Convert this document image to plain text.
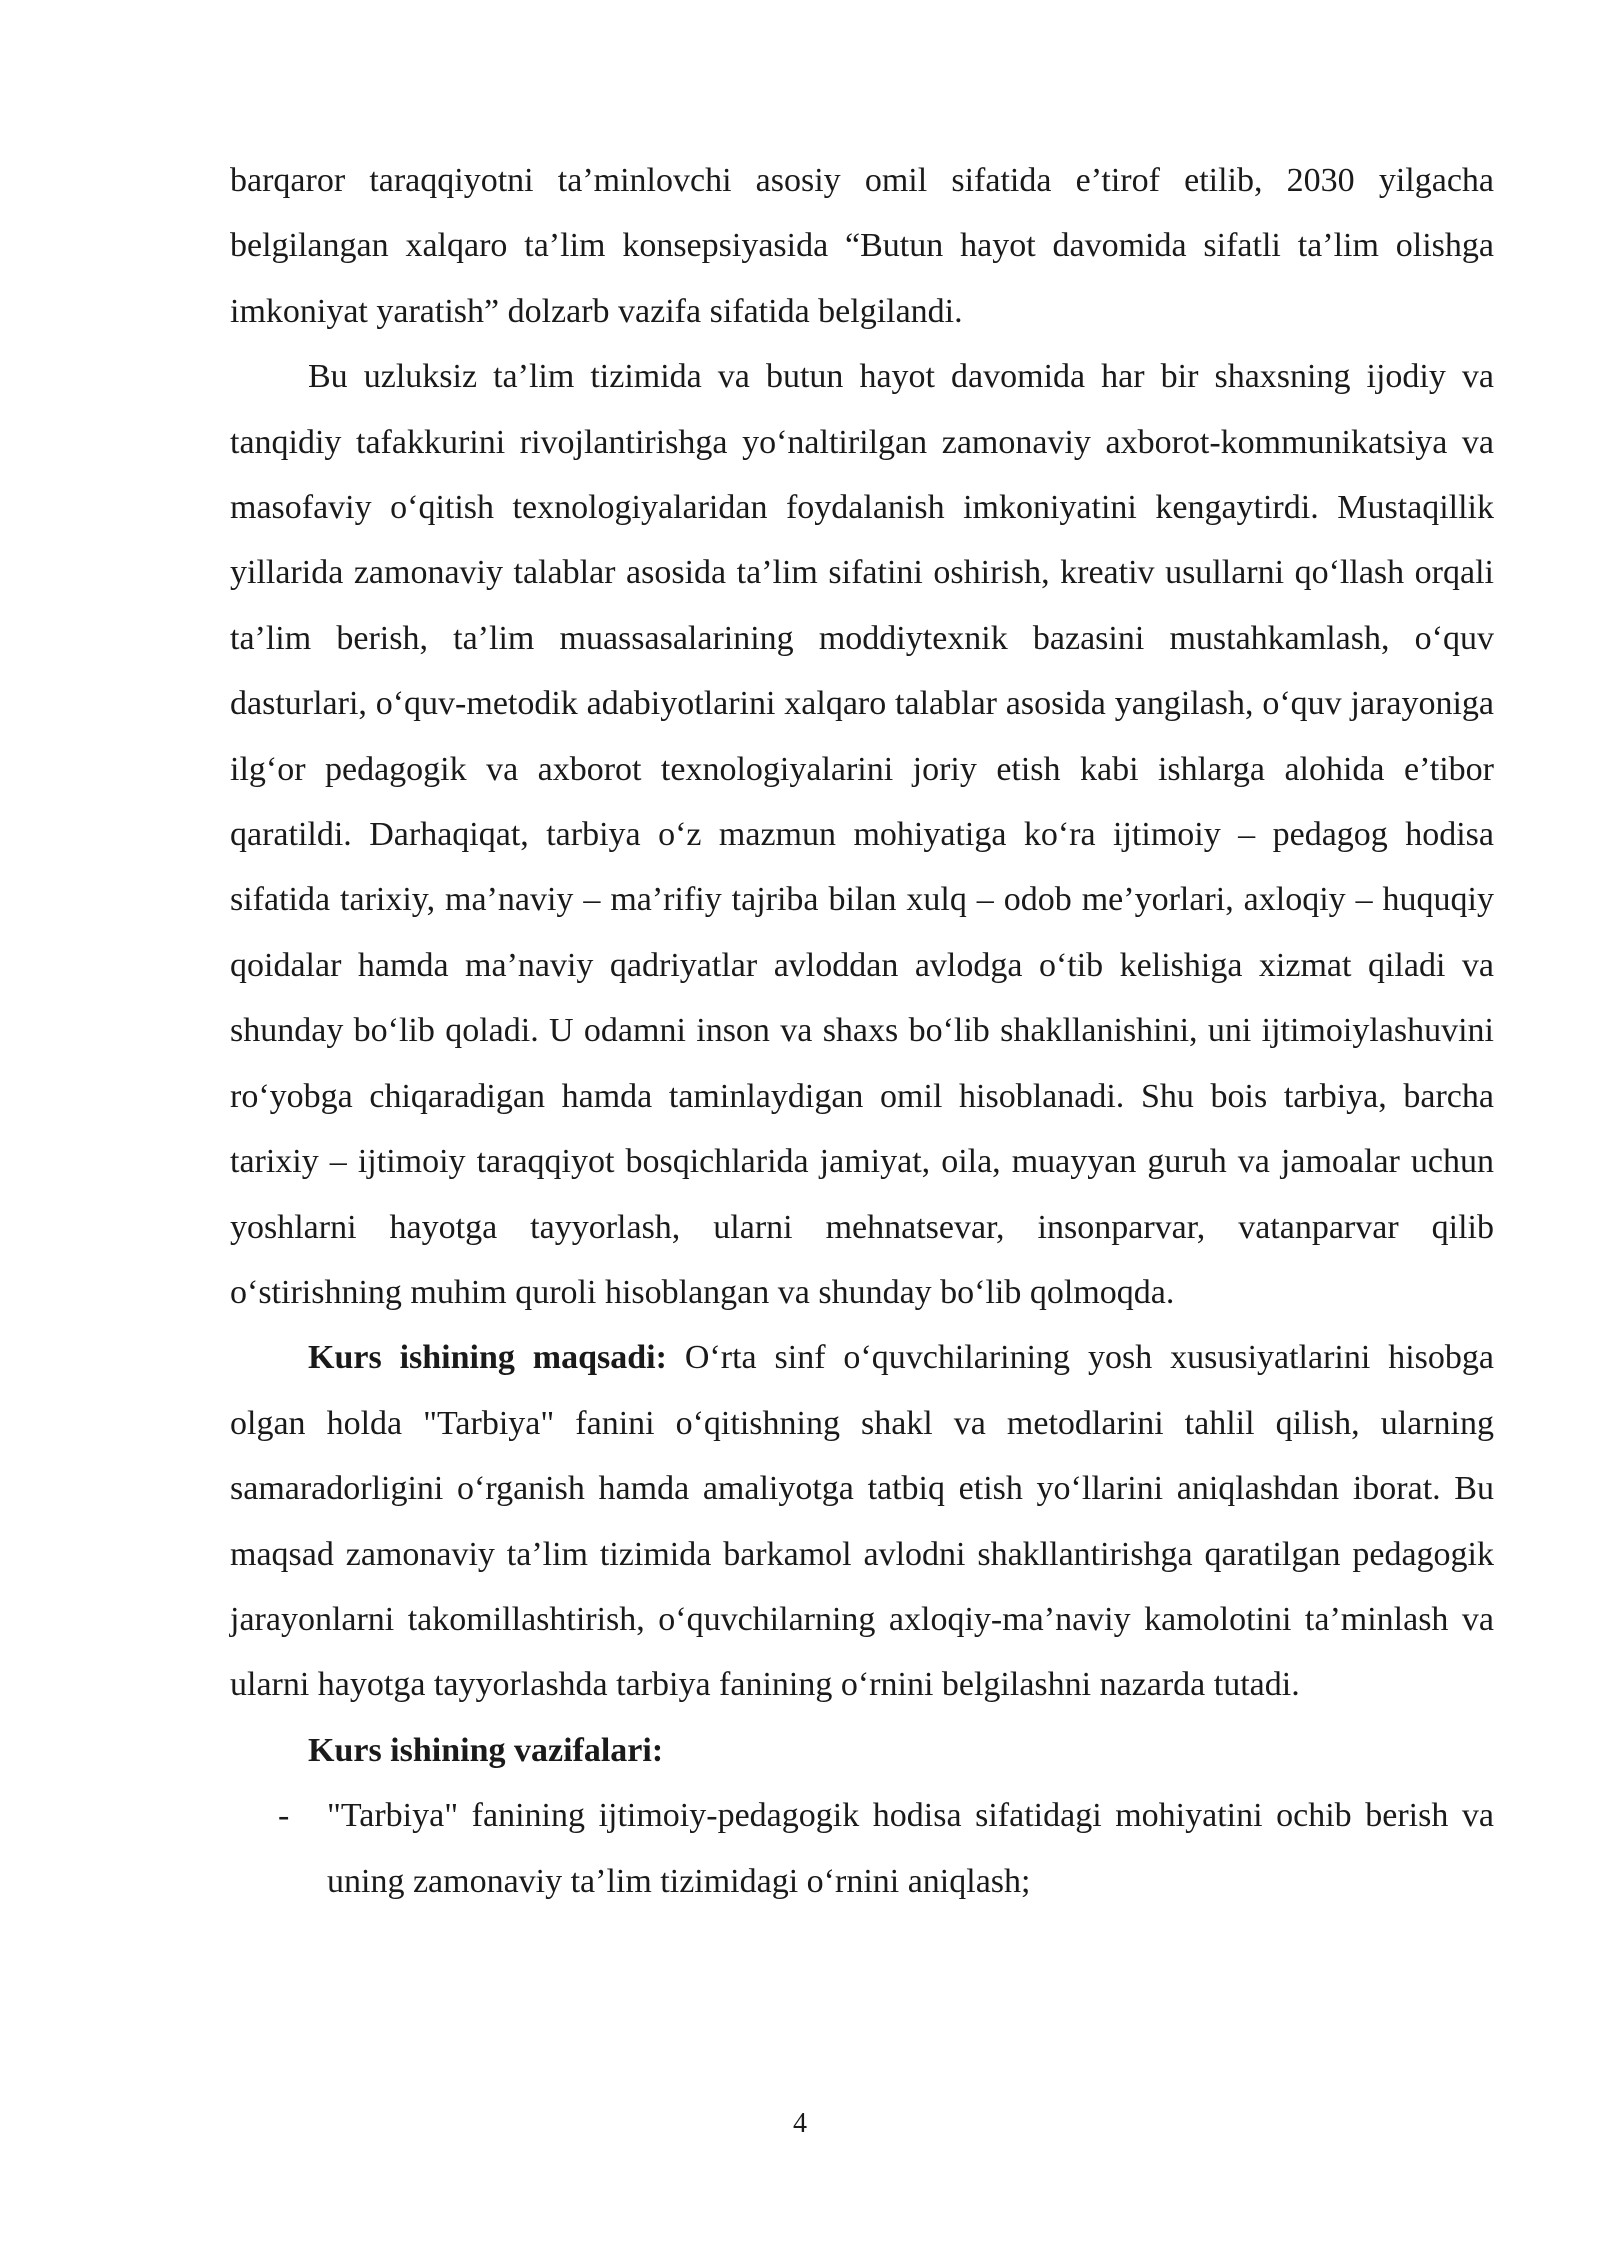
barqaror taraqqiyotni ta’minlovchi asosiy omil sifatida e’tirof etilib, 2030 yilgacha belgilangan xalqaro ta’lim konsepsiyasida “Butun hayot davomida sifatli ta’lim olishga imkoniyat yaratish” dolzarb vazifa sifatida belgilandi.

Bu uzluksiz ta’lim tizimida va butun hayot davomida har bir shaxsning ijodiy va tanqidiy tafakkurini rivojlantirishga yo‘naltirilgan zamonaviy axborot-kommunikatsiya va masofaviy o‘qitish texnologiyalaridan foydalanish imkoniyatini kengaytirdi. Mustaqillik yillarida zamonaviy talablar asosida ta’lim sifatini oshirish, kreativ usullarni qo‘llash orqali ta’lim berish, ta’lim muassasalarining moddiytexnik bazasini mustahkamlash, o‘quv dasturlari, o‘quv-metodik adabiyotlarini xalqaro talablar asosida yangilash, o‘quv jarayoniga ilg‘or pedagogik va axborot texnologiyalarini joriy etish kabi ishlarga alohida e’tibor qaratildi. Darhaqiqat, tarbiya o‘z mazmun mohiyatiga ko‘ra ijtimoiy – pedagog hodisa sifatida tarixiy, ma’naviy – ma’rifiy tajriba bilan xulq – odob me’yorlari, axloqiy – huquqiy qoidalar hamda ma’naviy qadriyatlar avloddan avlodga o‘tib kelishiga xizmat qiladi va shunday bo‘lib qoladi. U odamni inson va shaxs bo‘lib shakllanishini, uni ijtimoiylashuvini ro‘yobga chiqaradigan hamda taminlaydigan omil hisoblanadi. Shu bois tarbiya, barcha tarixiy – ijtimoiy taraqqiyot bosqichlarida jamiyat, oila, muayyan guruh va jamoalar uchun yoshlarni hayotga tayyorlash, ularni mehnatsevar, insonparvar, vatanparvar qilib o‘stirishning muhim quroli hisoblangan va shunday bo‘lib qolmoqda.

Kurs ishining maqsadi: O‘rta sinf o‘quvchilarining yosh xususiyatlarini hisobga olgan holda "Tarbiya" fanini o‘qitishning shakl va metodlarini tahlil qilish, ularning samaradorligini o‘rganish hamda amaliyotga tatbiq etish yo‘llarini aniqlashdan iborat. Bu maqsad zamonaviy ta’lim tizimida barkamol avlodni shakllantirishga qaratilgan pedagogik jarayonlarni takomillashtirish, o‘quvchilarning axloqiy-ma’naviy kamolotini ta’minlash va ularni hayotga tayyorlashda tarbiya fanining o‘rnini belgilashni nazarda tutadi.

Kurs ishining vazifalari:

- "Tarbiya" fanining ijtimoiy-pedagogik hodisa sifatidagi mohiyatini ochib berish va uning zamonaviy ta’lim tizimidagi o‘rnini aniqlash;
4
